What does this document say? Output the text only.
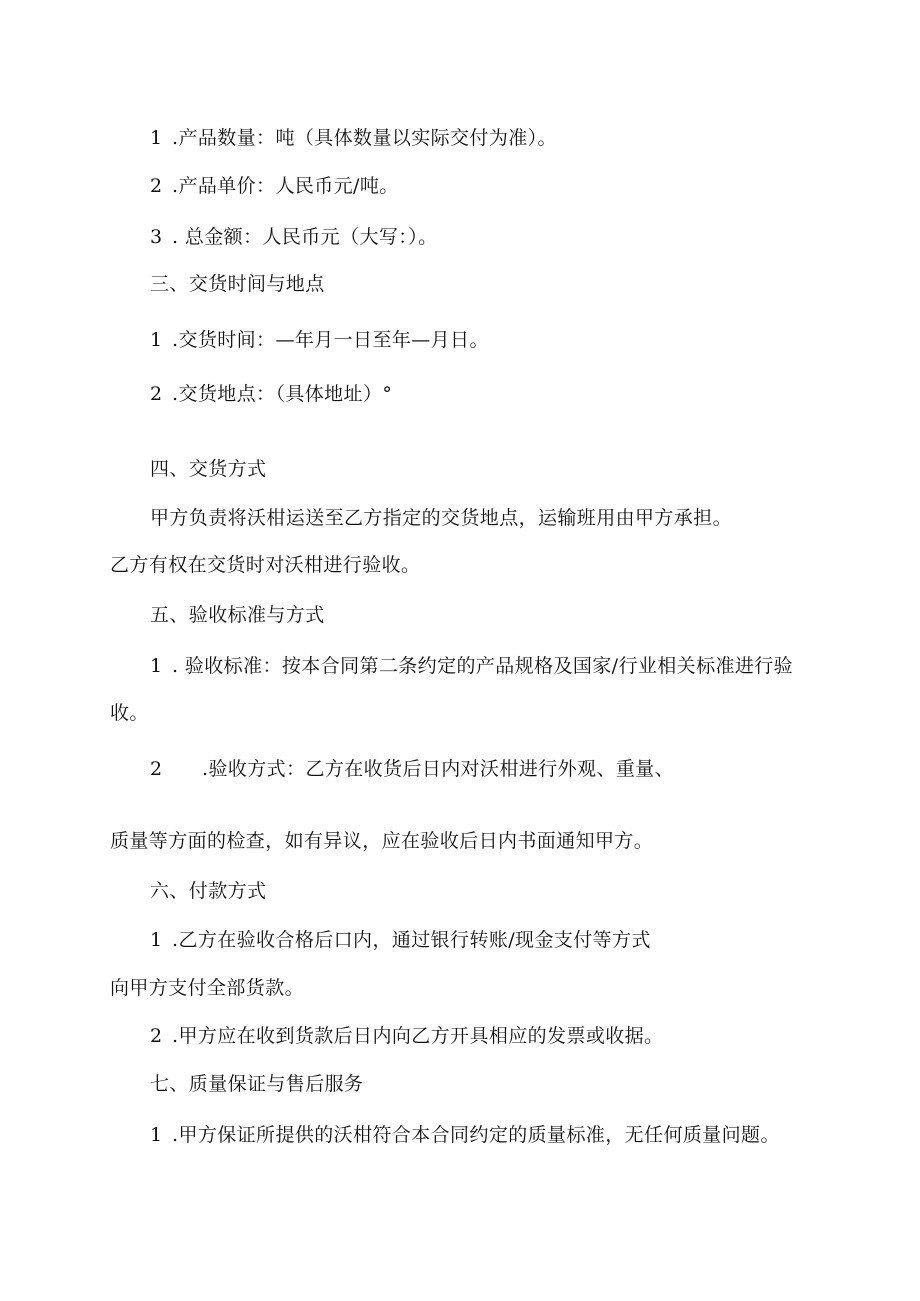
1 .产品数量：吨（具体数量以实际交付为准）。
2 .产品单价：人民币元/吨。
3 . 总金额：人民币元（大写：）。
三、交货时间与地点
1 .交货时间：—年月一日至年—月日。
2 .交货地点：（具体地址）°
四、交货方式
甲方负责将沃柑运送至乙方指定的交货地点，运输班用由甲方承担。
乙方有权在交货时对沃柑进行验收。
五、验收标准与方式
1 . 验收标准：按本合同第二条约定的产品规格及国家/行业相关标准进行验
收。
2 .验收方式：乙方在收货后日内对沃柑进行外观、重量、
质量等方面的检查，如有异议，应在验收后日内书面通知甲方。
六、付款方式
1 .乙方在验收合格后口内，通过银行转账/现金支付等方式
向甲方支付全部货款。
2 .甲方应在收到货款后日内向乙方开具相应的发票或收据。
七、质量保证与售后服务
1 .甲方保证所提供的沃柑符合本合同约定的质量标准，无任何质量问题。
